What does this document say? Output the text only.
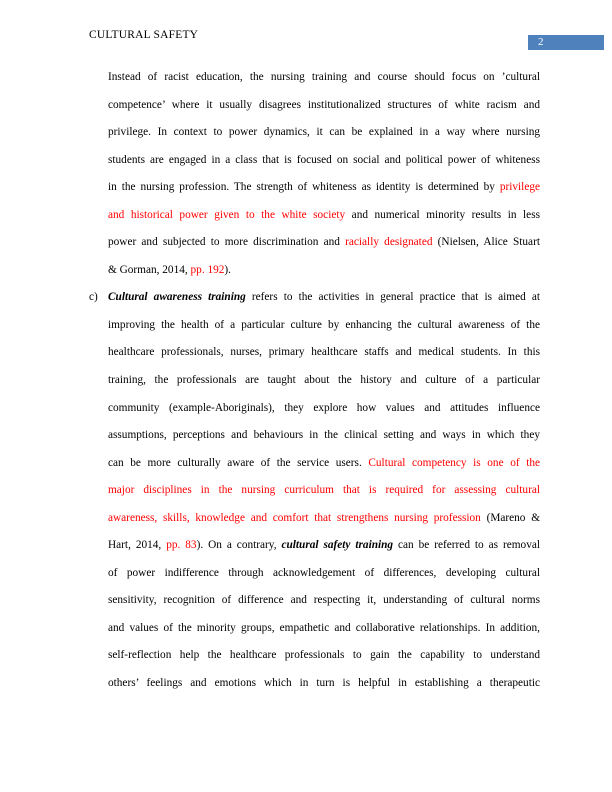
CULTURAL SAFETY
2
Instead of racist education, the nursing training and course should focus on ’cultural
competence’ where it usually disagrees institutionalized structures of white racism and
privilege. In context to power dynamics, it can be explained in a way where nursing
students are engaged in a class that is focused on social and political power of whiteness
in the nursing profession. The strength of whiteness as identity is determined by privilege
and historical power given to the white society and numerical minority results in less
power and subjected to more discrimination and racially designated (Nielsen, Alice Stuart
& Gorman, 2014, pp. 192).
Cultural awareness training refers to the activities in general practice that is aimed at
improving the health of a particular culture by enhancing the cultural awareness of the
healthcare professionals, nurses, primary healthcare staffs and medical students. In this
training, the professionals are taught about the history and culture of a particular
community (example-Aboriginals), they explore how values and attitudes influence
assumptions, perceptions and behaviours in the clinical setting and ways in which they
can be more culturally aware of the service users. Cultural competency is one of the
major disciplines in the nursing curriculum that is required for assessing cultural
awareness, skills, knowledge and comfort that strengthens nursing profession (Mareno &
Hart, 2014, pp. 83). On a contrary, cultural safety training can be referred to as removal
of power indifference through acknowledgement of differences, developing cultural
sensitivity, recognition of difference and respecting it, understanding of cultural norms
and values of the minority groups, empathetic and collaborative relationships. In addition,
self-reflection help the healthcare professionals to gain the capability to understand
others’ feelings and emotions which in turn is helpful in establishing a therapeutic
c)
